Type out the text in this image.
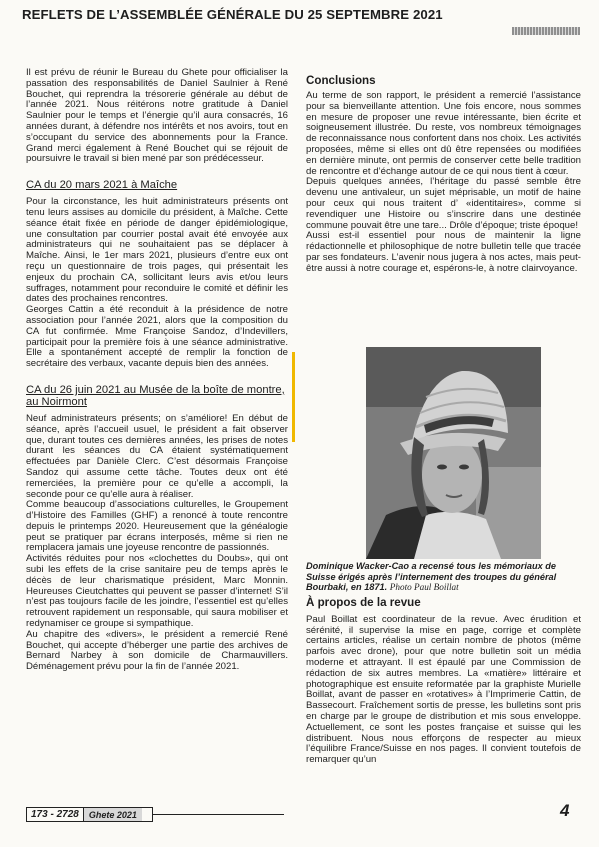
REFLETS DE L’ASSEMBLÉE GÉNÉRALE DU 25 SEPTEMBRE 2021

Il est prévu de réunir le Bureau du Ghete pour officialiser la passation des responsabilités de Daniel Saulnier à René Bouchet, qui reprendra la trésorerie générale au début de l’année 2021. Nous réitérons notre gratitude à Daniel Saulnier pour le temps et l’énergie qu’il aura consacrés, 16 années durant, à défendre nos intérêts et nos avoirs, tout en s’occupant du service des abonnements pour la France. Grand merci également à René Bouchet qui se réjouit de poursuivre le travail si bien mené par son prédécesseur.

CA du 20 mars 2021 à Maîche

Pour la circonstance, les huit administrateurs présents ont tenu leurs assises au domicile du président, à Maîche. Cette séance était fixée en période de danger épidémiologique, une consultation par courrier postal avait été envoyée aux administrateurs qui ne souhaitaient pas se déplacer à Maîche. Ainsi, le 1er mars 2021, plusieurs d’entre eux ont reçu un questionnaire de trois pages, qui présentait les enjeux du prochain CA, sollicitant leurs avis et/ou leurs suffrages, notamment pour reconduire le comité et définir les dates des prochaines rencontres.

Georges Cattin a été reconduit à la présidence de notre association pour l’année 2021, alors que la composition du CA fut confirmée. Mme Françoise Sandoz, d’Indevillers, participait pour la première fois à une séance administrative. Elle a spontanément accepté de remplir la fonction de secrétaire des verbaux, vacante depuis bien des années.

CA du 26 juin 2021 au Musée de la boîte de montre, au Noirmont

Neuf administrateurs présents; on s’améliore! En début de séance, après l’accueil usuel, le président a fait observer que, durant toutes ces dernières années, les prises de notes durant les séances du CA étaient systématiquement effectuées par Danièle Clerc. C’est désormais Françoise Sandoz qui assume cette tâche. Toutes deux ont été remerciées, la première pour ce qu’elle a accompli, la seconde pour ce qu’elle aura à réaliser.

Comme beaucoup d’associations culturelles, le Groupement d’Histoire des Familles (GHF) a renoncé à toute rencontre depuis le printemps 2020. Heureusement que la généalogie peut se pratiquer par écrans interposés, même si rien ne remplacera jamais une joyeuse rencontre de passionnés.

Activités réduites pour nos «clochettes du Doubs», qui ont subi les effets de la crise sanitaire peu de temps après le décès de leur charismatique président, Marc Monnin. Heureuses Cieutchattes qui peuvent se passer d’internet! S’il n’est pas toujours facile de les joindre, l’essentiel est qu’elles retrouvent rapidement un responsable, qui saura mobiliser et redynamiser ce groupe si sympathique.

Au chapitre des «divers», le président a remercié René Bouchet, qui accepte d’héberger une partie des archives de Bernard Narbey à son domicile de Charmauvillers. Déménagement prévu pour la fin de l’année 2021.

Conclusions

Au terme de son rapport, le président a remercié l’assistance pour sa bienveillante attention. Une fois encore, nous sommes en mesure de proposer une revue intéressante, bien écrite et soigneusement illustrée. Du reste, vos nombreux témoignages de reconnaissance nous confortent dans nos choix. Les activités proposées, même si elles ont dû être repensées ou modifiées en dernière minute, ont permis de conserver cette belle tradition de rencontre et d’échange autour de ce qui nous tient à cœur.

Depuis quelques années, l’héritage du passé semble être devenu une antivaleur, un sujet méprisable, un motif de haine pour ceux qui nous traitent d’ «identitaires», comme si revendiquer une Histoire ou s’inscrire dans une destinée commune pouvait être une tare... Drôle d’époque; triste époque!

Aussi est-il essentiel pour nous de maintenir la ligne rédactionnelle et philosophique de notre bulletin telle que tracée par ses fondateurs. L’avenir nous jugera à nos actes, mais peut-être aussi à notre courage et, espérons-le, à notre clairvoyance.

Dominique Wacker-Cao a recensé tous les mémoriaux de Suisse érigés après l’internement des troupes du général Bourbaki, en 1871. Photo Paul Boillat

À propos de la revue

Paul Boillat est coordinateur de la revue. Avec érudition et sérénité, il supervise la mise en page, corrige et complète certains articles, réalise un certain nombre de photos (même parfois avec drone), pour que notre bulletin soit un média moderne et attrayant. Il est épaulé par une Commission de rédaction de six autres membres. La «matière» littéraire et photographique est ensuite reformatée par la graphiste Murielle Boillat, avant de passer en «rotatives» à l’Imprimerie Cattin, de Bassecourt. Fraîchement sortis de presse, les bulletins sont pris en charge par le groupe de distribution et mis sous enveloppe. Actuellement, ce sont les postes française et suisse qui les distribuent. Nous nous efforçons de respecter au mieux l’équilibre France/Suisse en nos pages. Il convient toutefois de remarquer qu’un

173 - 2728	Ghete 2021	4
